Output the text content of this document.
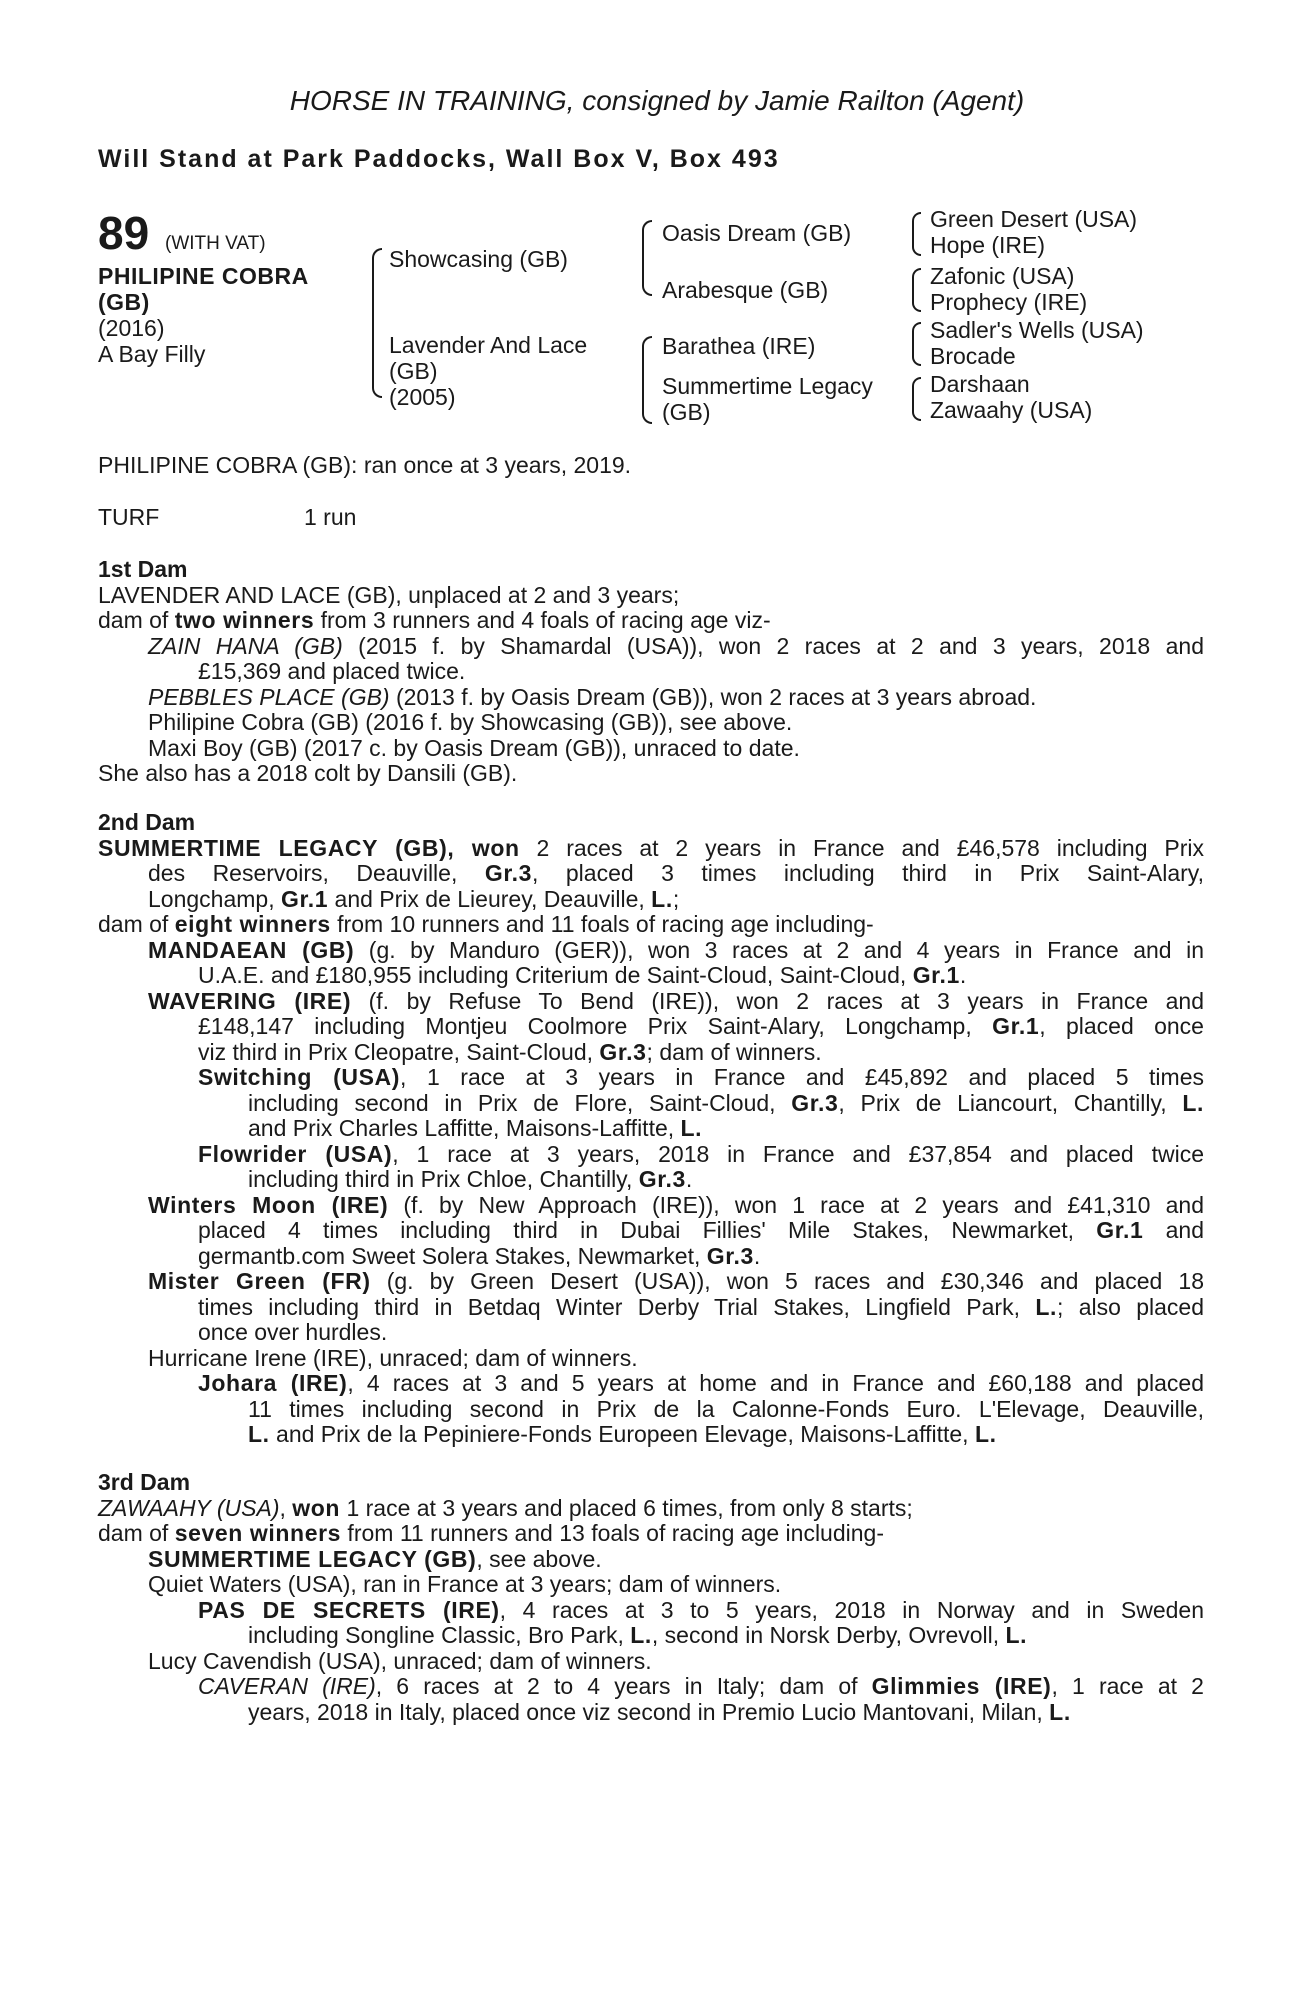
HORSE IN TRAINING, consigned by Jamie Railton (Agent)
Will Stand at Park Paddocks, Wall Box V, Box 493
89 (WITH VAT)
PHILIPINE COBRA
(GB)
(2016)
A Bay Filly
Showcasing (GB)
Lavender And Lace
(GB)
(2005)
Oasis Dream (GB)
Arabesque (GB)
Barathea (IRE)
Summertime Legacy
(GB)
Green Desert (USA)
Hope (IRE)
Zafonic (USA)
Prophecy (IRE)
Sadler's Wells (USA)
Brocade
Darshaan
Zawaahy (USA)
PHILIPINE COBRA (GB): ran once at 3 years, 2019.
TURF	1 run
1st Dam
LAVENDER AND LACE (GB), unplaced at 2 and 3 years;
dam of two winners from 3 runners and 4 foals of racing age viz-
ZAIN HANA (GB) (2015 f. by Shamardal (USA)), won 2 races at 2 and 3 years, 2018 and
£15,369 and placed twice.
PEBBLES PLACE (GB) (2013 f. by Oasis Dream (GB)), won 2 races at 3 years abroad.
Philipine Cobra (GB) (2016 f. by Showcasing (GB)), see above.
Maxi Boy (GB) (2017 c. by Oasis Dream (GB)), unraced to date.
She also has a 2018 colt by Dansili (GB).
2nd Dam
SUMMERTIME LEGACY (GB), won 2 races at 2 years in France and £46,578 including Prix
des Reservoirs, Deauville, Gr.3, placed 3 times including third in Prix Saint-Alary,
Longchamp, Gr.1 and Prix de Lieurey, Deauville, L.;
dam of eight winners from 10 runners and 11 foals of racing age including-
MANDAEAN (GB) (g. by Manduro (GER)), won 3 races at 2 and 4 years in France and in
U.A.E. and £180,955 including Criterium de Saint-Cloud, Saint-Cloud, Gr.1.
WAVERING (IRE) (f. by Refuse To Bend (IRE)), won 2 races at 3 years in France and
£148,147 including Montjeu Coolmore Prix Saint-Alary, Longchamp, Gr.1, placed once
viz third in Prix Cleopatre, Saint-Cloud, Gr.3; dam of winners.
Switching (USA), 1 race at 3 years in France and £45,892 and placed 5 times
including second in Prix de Flore, Saint-Cloud, Gr.3, Prix de Liancourt, Chantilly, L.
and Prix Charles Laffitte, Maisons-Laffitte, L.
Flowrider (USA), 1 race at 3 years, 2018 in France and £37,854 and placed twice
including third in Prix Chloe, Chantilly, Gr.3.
Winters Moon (IRE) (f. by New Approach (IRE)), won 1 race at 2 years and £41,310 and
placed 4 times including third in Dubai Fillies' Mile Stakes, Newmarket, Gr.1 and
germantb.com Sweet Solera Stakes, Newmarket, Gr.3.
Mister Green (FR) (g. by Green Desert (USA)), won 5 races and £30,346 and placed 18
times including third in Betdaq Winter Derby Trial Stakes, Lingfield Park, L.; also placed
once over hurdles.
Hurricane Irene (IRE), unraced; dam of winners.
Johara (IRE), 4 races at 3 and 5 years at home and in France and £60,188 and placed
11 times including second in Prix de la Calonne-Fonds Euro. L'Elevage, Deauville,
L. and Prix de la Pepiniere-Fonds Europeen Elevage, Maisons-Laffitte, L.
3rd Dam
ZAWAAHY (USA), won 1 race at 3 years and placed 6 times, from only 8 starts;
dam of seven winners from 11 runners and 13 foals of racing age including-
SUMMERTIME LEGACY (GB), see above.
Quiet Waters (USA), ran in France at 3 years; dam of winners.
PAS DE SECRETS (IRE), 4 races at 3 to 5 years, 2018 in Norway and in Sweden
including Songline Classic, Bro Park, L., second in Norsk Derby, Ovrevoll, L.
Lucy Cavendish (USA), unraced; dam of winners.
CAVERAN (IRE), 6 races at 2 to 4 years in Italy; dam of Glimmies (IRE), 1 race at 2
years, 2018 in Italy, placed once viz second in Premio Lucio Mantovani, Milan, L.
